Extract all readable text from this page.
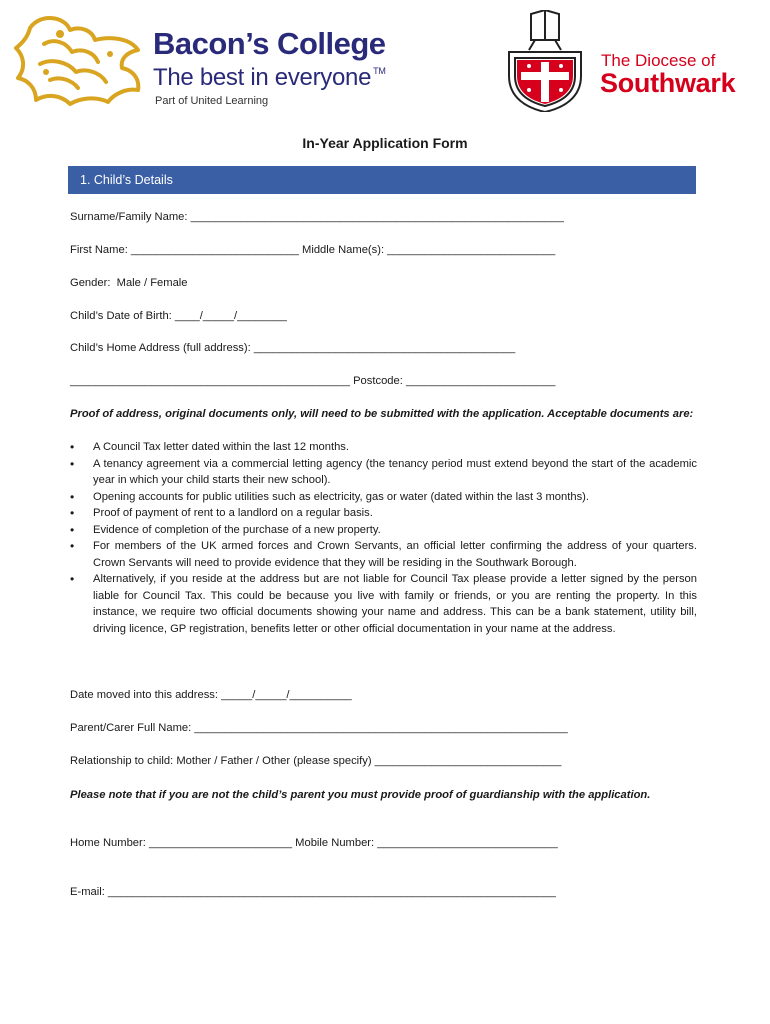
Bacon’s College
The best in everyone ™
Part of United Learning
The Diocese of
Southwark
In-Year Application Form
1. Child’s Details
Surname/Family Name: ____________________________________________________________
First Name: ___________________________ Middle Name(s): ___________________________
Gender:  Male / Female
Child’s Date of Birth: ____/_____/________
Child’s Home Address (full address): __________________________________________
_____________________________________________ Postcode: ________________________
Proof of address, original documents only, will need to be submitted with the application. Acceptable documents are:
• A Council Tax letter dated within the last 12 months.
• A tenancy agreement via a commercial letting agency (the tenancy period must extend beyond the start of the academic year in which your child starts their new school).
• Opening accounts for public utilities such as electricity, gas or water (dated within the last 3 months).
• Proof of payment of rent to a landlord on a regular basis.
• Evidence of completion of the purchase of a new property.
• For members of the UK armed forces and Crown Servants, an official letter confirming the address of your quarters. Crown Servants will need to provide evidence that they will be residing in the Southwark Borough.
• Alternatively, if you reside at the address but are not liable for Council Tax please provide a letter signed by the person liable for Council Tax. This could be because you live with family or friends, or you are renting the property. In this instance, we require two official documents showing your name and address. This can be a bank statement, utility bill, driving licence, GP registration, benefits letter or other official documentation in your name at the address.
Date moved into this address: _____/_____/__________
Parent/Carer Full Name: ____________________________________________________________
Relationship to child: Mother / Father / Other (please specify) ______________________________
Please note that if you are not the child’s parent you must provide proof of guardianship with the application.
Home Number: _______________________ Mobile Number: _____________________________
E-mail: ________________________________________________________________________
